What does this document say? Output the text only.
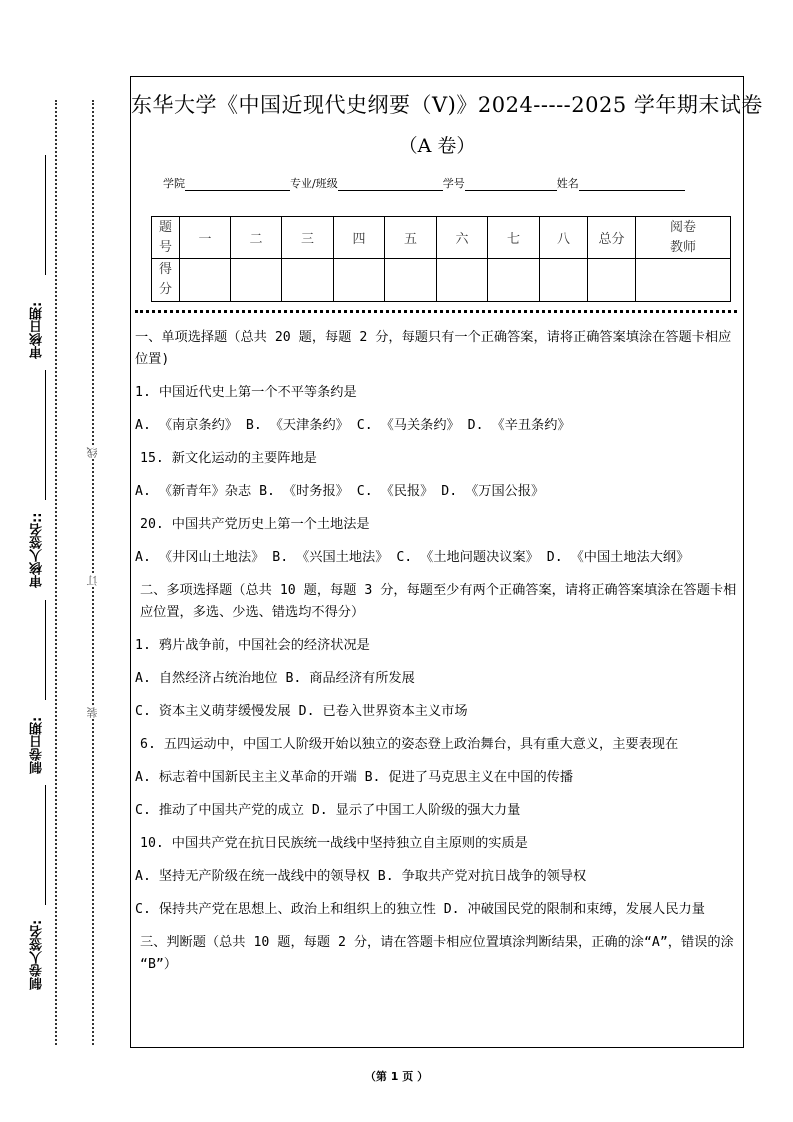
审核日期:
审核人签名::
制卷日期:
制卷人签名:
线
订
装
东华大学《中国近现代史纲要（V)》2024-----2025 学年期末试卷
（A 卷）
学院	专业/班级	学号	姓名
题号	一	二	三	四	五	六	七	八	总分	阅卷教师
得分										

一、单项选择题（总共 20 题，每题 2 分，每题只有一个正确答案，请将正确答案填涂在答题卡相应位置)

1. 中国近代史上第一个不平等条约是

A. 《南京条约》 B. 《天津条约》 C. 《马关条约》 D. 《辛丑条约》

15. 新文化运动的主要阵地是

A. 《新青年》杂志 B. 《时务报》 C. 《民报》 D. 《万国公报》

20. 中国共产党历史上第一个土地法是

A. 《井冈山土地法》 B. 《兴国土地法》 C. 《土地问题决议案》 D. 《中国土地法大纲》

二、多项选择题（总共 10 题，每题 3 分，每题至少有两个正确答案，请将正确答案填涂在答题卡相应位置，多选、少选、错选均不得分）

1. 鸦片战争前，中国社会的经济状况是

A. 自然经济占统治地位 B. 商品经济有所发展

C. 资本主义萌芽缓慢发展 D. 已卷入世界资本主义市场

6. 五四运动中，中国工人阶级开始以独立的姿态登上政治舞台，具有重大意义，主要表现在

A. 标志着中国新民主主义革命的开端 B. 促进了马克思主义在中国的传播

C. 推动了中国共产党的成立 D. 显示了中国工人阶级的强大力量

10. 中国共产党在抗日民族统一战线中坚持独立自主原则的实质是

A. 坚持无产阶级在统一战线中的领导权 B. 争取共产党对抗日战争的领导权

C. 保持共产党在思想上、政治上和组织上的独立性 D. 冲破国民党的限制和束缚，发展人民力量

三、判断题（总共 10 题，每题 2 分，请在答题卡相应位置填涂判断结果，正确的涂“A”，错误的涂 “B”）

（第 1 页 ）
